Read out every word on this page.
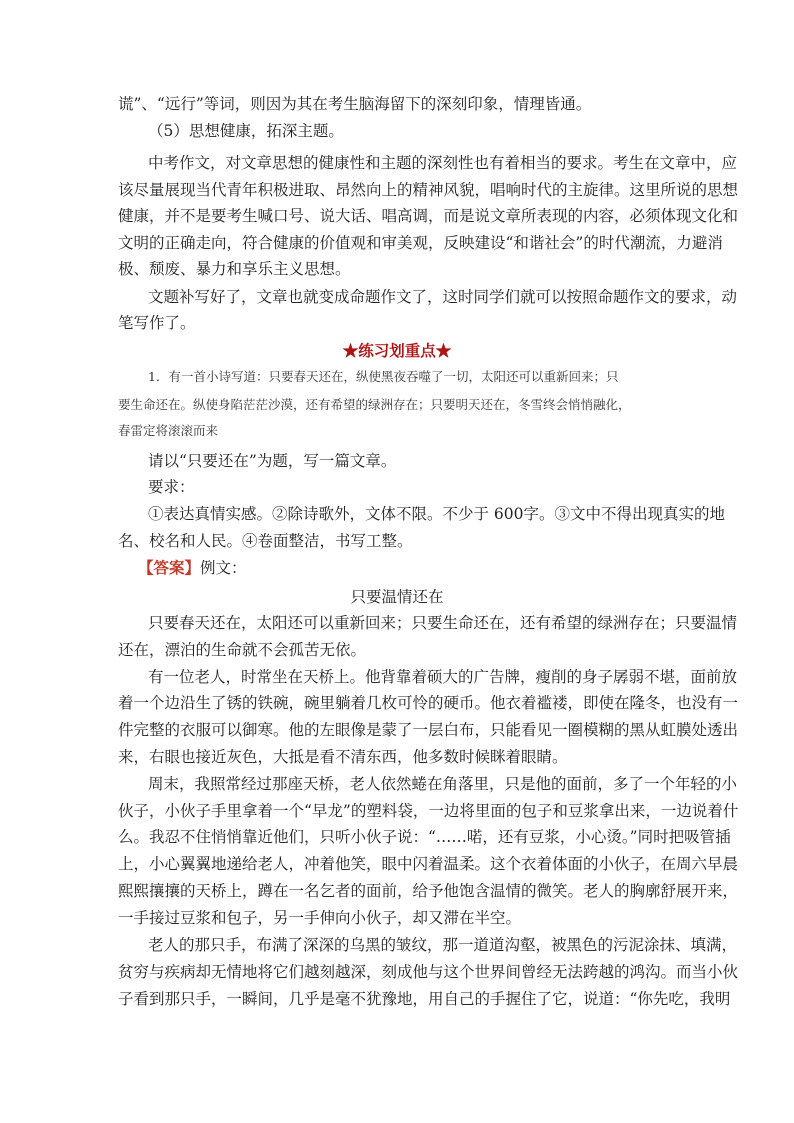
谎”、“远行”等词，则因为其在考生脑海留下的深刻印象，情理皆通。
（5）思想健康，拓深主题。
中考作文，对文章思想的健康性和主题的深刻性也有着相当的要求。考生在文章中，应
该尽量展现当代青年积极进取、昂然向上的精神风貌，唱响时代的主旋律。这里所说的思想
健康，并不是要考生喊口号、说大话、唱高调，而是说文章所表现的内容，必须体现文化和
文明的正确走向，符合健康的价值观和审美观，反映建设“和谐社会”的时代潮流，力避消
极、颓废、暴力和享乐主义思想。
文题补写好了，文章也就变成命题作文了，这时同学们就可以按照命题作文的要求，动
笔写作了。
★练习划重点★
1．有一首小诗写道：只要春天还在，纵使黑夜吞噬了一切，太阳还可以重新回来；只
要生命还在。纵使身陷茫茫沙漠，还有希望的绿洲存在；只要明天还在，冬雪终会悄悄融化，
春雷定将滚滚而来
请以“只要还在”为题，写一篇文章。
要求：
①表达真情实感。②除诗歌外，文体不限。不少于 600字。③文中不得出现真实的地
名、校名和人民。④卷面整洁，书写工整。
【答案】例文：
只要温情还在
只要春天还在，太阳还可以重新回来；只要生命还在，还有希望的绿洲存在；只要温情
还在，漂泊的生命就不会孤苦无依。
有一位老人，时常坐在天桥上。他背靠着硕大的广告牌，瘦削的身子孱弱不堪，面前放
着一个边沿生了锈的铁碗，碗里躺着几枚可怜的硬币。他衣着褴褛，即使在隆冬，也没有一
件完整的衣服可以御寒。他的左眼像是蒙了一层白布，只能看见一圈模糊的黑从虹膜处透出
来，右眼也接近灰色，大抵是看不清东西，他多数时候眯着眼睛。
周末，我照常经过那座天桥，老人依然蜷在角落里，只是他的面前，多了一个年轻的小
伙子，小伙子手里拿着一个“早龙”的塑料袋，一边将里面的包子和豆浆拿出来，一边说着什
么。我忍不住悄悄靠近他们，只听小伙子说：“……喏，还有豆浆，小心烫。”同时把吸管插
上，小心翼翼地递给老人，冲着他笑，眼中闪着温柔。这个衣着体面的小伙子，在周六早晨
熙熙攘攘的天桥上，蹲在一名乞者的面前，给予他饱含温情的微笑。老人的胸廓舒展开来，
一手接过豆浆和包子，另一手伸向小伙子，却又滞在半空。
老人的那只手，布满了深深的乌黑的皱纹，那一道道沟壑，被黑色的污泥涂抹、填满，
贫穷与疾病却无情地将它们越刻越深，刻成他与这个世界间曾经无法跨越的鸿沟。而当小伙
子看到那只手，一瞬间，几乎是毫不犹豫地，用自己的手握住了它，说道：“你先吃，我明
